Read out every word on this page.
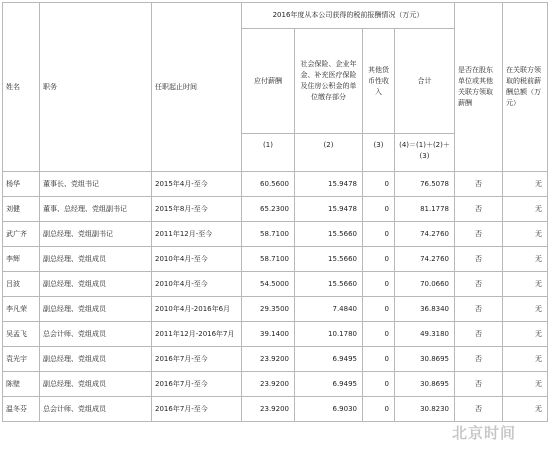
姓名	职务	任职起止时间	2016年度从本公司获得的税前报酬情况（万元）				是否在股东单位或其他关联方领取薪酬	在关联方领取的税前薪酬总额（万元）
			应付薪酬	社会保险、企业年金、补充医疗保险及住房公积金的单位缴存部分	其他货币性收入	合计		
			(1)	(2)	(3)	(4)＝(1)＋(2)＋(3)		
杨华	董事长、党组书记	2015年4月-至今	60.5600	15.9478	0	76.5078	否	无
刘健	董事、总经理、党组副书记	2015年8月-至今	65.2300	15.9478	0	81.1778	否	无
武广齐	副总经理、党组副书记	2011年12月-至今	58.7100	15.5660	0	74.2760	否	无
李辉	副总经理、党组成员	2010年4月-至今	58.7100	15.5660	0	74.2760	否	无
吕波	副总经理、党组成员	2010年4月-至今	54.5000	15.5660	0	70.0660	否	无
李凡荣	副总经理、党组成员	2010年4月-2016年6月	29.3500	7.4840	0	36.8340	否	无
吴孟飞	总会计师、党组成员	2011年12月-2016年7月	39.1400	10.1780	0	49.3180	否	无
袁光宇	副总经理、党组成员	2016年7月-至今	23.9200	6.9495	0	30.8695	否	无
陈壁	副总经理、党组成员	2016年7月-至今	23.9200	6.9495	0	30.8695	否	无
温冬芬	总会计师、党组成员	2016年7月-至今	23.9200	6.9030	0	30.8230	否	无
北京时间
